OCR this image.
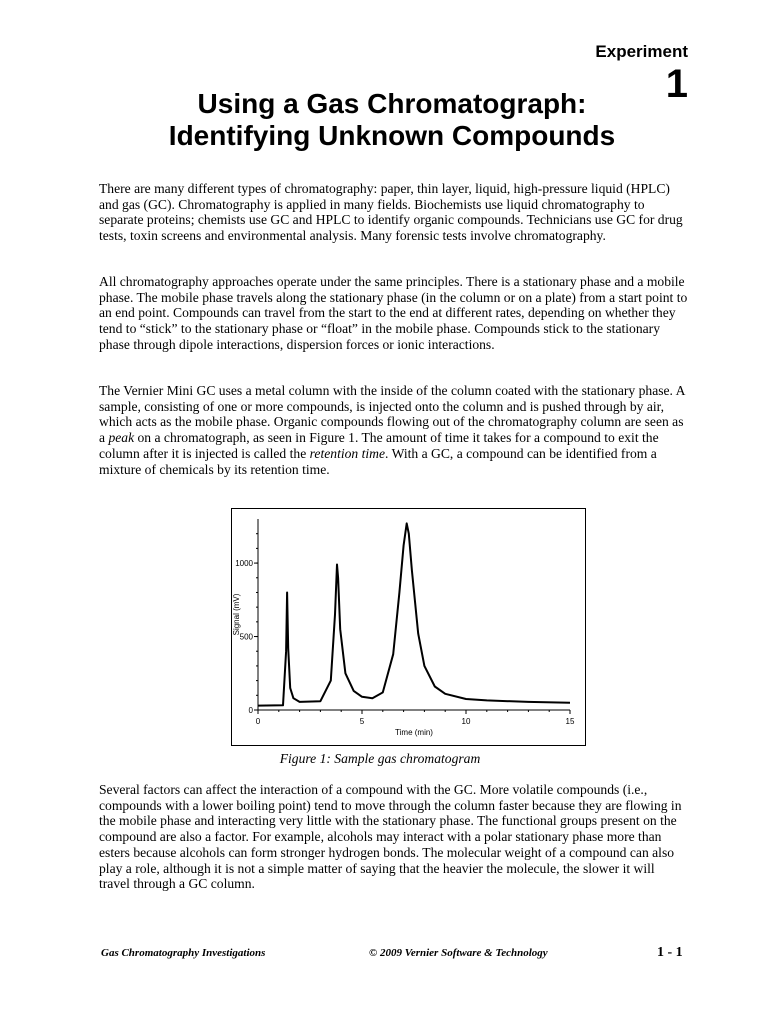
Experiment
1
Using a Gas Chromatograph:
Identifying Unknown Compounds

There are many different types of chromatography: paper, thin layer, liquid, high-pressure liquid (HPLC) and gas (GC). Chromatography is applied in many fields. Biochemists use liquid chromatography to separate proteins; chemists use GC and HPLC to identify organic compounds. Technicians use GC for drug tests, toxin screens and environmental analysis. Many forensic tests involve chromatography.

All chromatography approaches operate under the same principles. There is a stationary phase and a mobile phase. The mobile phase travels along the stationary phase (in the column or on a plate) from a start point to an end point. Compounds can travel from the start to the end at different rates, depending on whether they tend to “stick” to the stationary phase or “float” in the mobile phase. Compounds stick to the stationary phase through dipole interactions, dispersion forces or ionic interactions.

The Vernier Mini GC uses a metal column with the inside of the column coated with the stationary phase. A sample, consisting of one or more compounds, is injected onto the column and is pushed through by air, which acts as the mobile phase. Organic compounds flowing out of the chromatography column are seen as a peak on a chromatograph, as seen in Figure 1. The amount of time it takes for a compound to exit the column after it is injected is called the retention time. With a GC, a compound can be identified from a mixture of chemicals by its retention time.

0	5	10	15
0
500
1000
Time (min)
Signal (mV)
Figure 1: Sample gas chromatogram

Several factors can affect the interaction of a compound with the GC. More volatile compounds (i.e., compounds with a lower boiling point) tend to move through the column faster because they are flowing in the mobile phase and interacting very little with the stationary phase. The functional groups present on the compound are also a factor. For example, alcohols may interact with a polar stationary phase more than esters because alcohols can form stronger hydrogen bonds. The molecular weight of a compound can also play a role, although it is not a simple matter of saying that the heavier the molecule, the slower it will travel through a GC column.

Gas Chromatography Investigations	© 2009 Vernier Software & Technology	1 - 1
